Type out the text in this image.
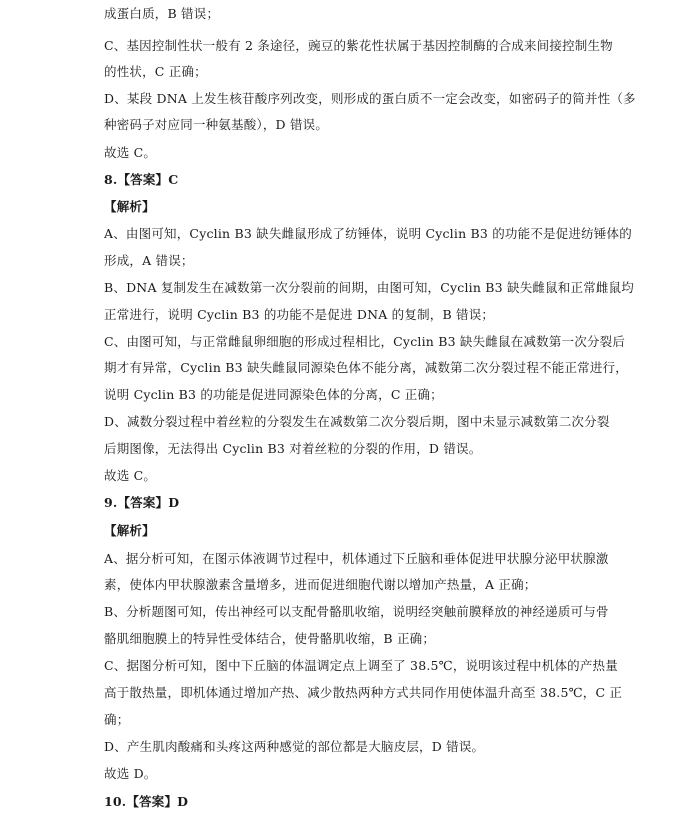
成蛋白质，B 错误；
C、基因控制性状一般有 2 条途径，豌豆的紫花性状属于基因控制酶的合成来间接控制生物
的性状，C 正确；
D、某段 DNA 上发生核苷酸序列改变，则形成的蛋白质不一定会改变，如密码子的简并性（多
种密码子对应同一种氨基酸），D 错误。
故选 C。
8.【答案】C
【解析】
A、由图可知，Cyclin B3 缺失雌鼠形成了纺锤体，说明 Cyclin B3 的功能不是促进纺锤体的
形成，A 错误；
B、DNA 复制发生在减数第一次分裂前的间期，由图可知，Cyclin B3 缺失雌鼠和正常雌鼠均
正常进行，说明 Cyclin B3 的功能不是促进 DNA 的复制，B 错误；
C、由图可知，与正常雌鼠卵细胞的形成过程相比，Cyclin B3 缺失雌鼠在减数第一次分裂后
期才有异常，Cyclin B3 缺失雌鼠同源染色体不能分离，减数第二次分裂过程不能正常进行，
说明 Cyclin B3 的功能是促进同源染色体的分离，C 正确；
D、减数分裂过程中着丝粒的分裂发生在减数第二次分裂后期，图中未显示减数第二次分裂
后期图像，无法得出 Cyclin B3 对着丝粒的分裂的作用，D 错误。
故选 C。
9.【答案】D
【解析】
A、据分析可知，在图示体液调节过程中，机体通过下丘脑和垂体促进甲状腺分泌甲状腺激
素，使体内甲状腺激素含量增多，进而促进细胞代谢以增加产热量，A 正确；
B、分析题图可知，传出神经可以支配骨骼肌收缩，说明经突触前膜释放的神经递质可与骨
骼肌细胞膜上的特异性受体结合，使骨骼肌收缩，B 正确；
C、据图分析可知，图中下丘脑的体温调定点上调至了 38.5℃，说明该过程中机体的产热量
高于散热量，即机体通过增加产热、减少散热两种方式共同作用使体温升高至 38.5℃，C 正
确；
D、产生肌肉酸痛和头疼这两种感觉的部位都是大脑皮层，D 错误。
故选 D。
10.【答案】D
